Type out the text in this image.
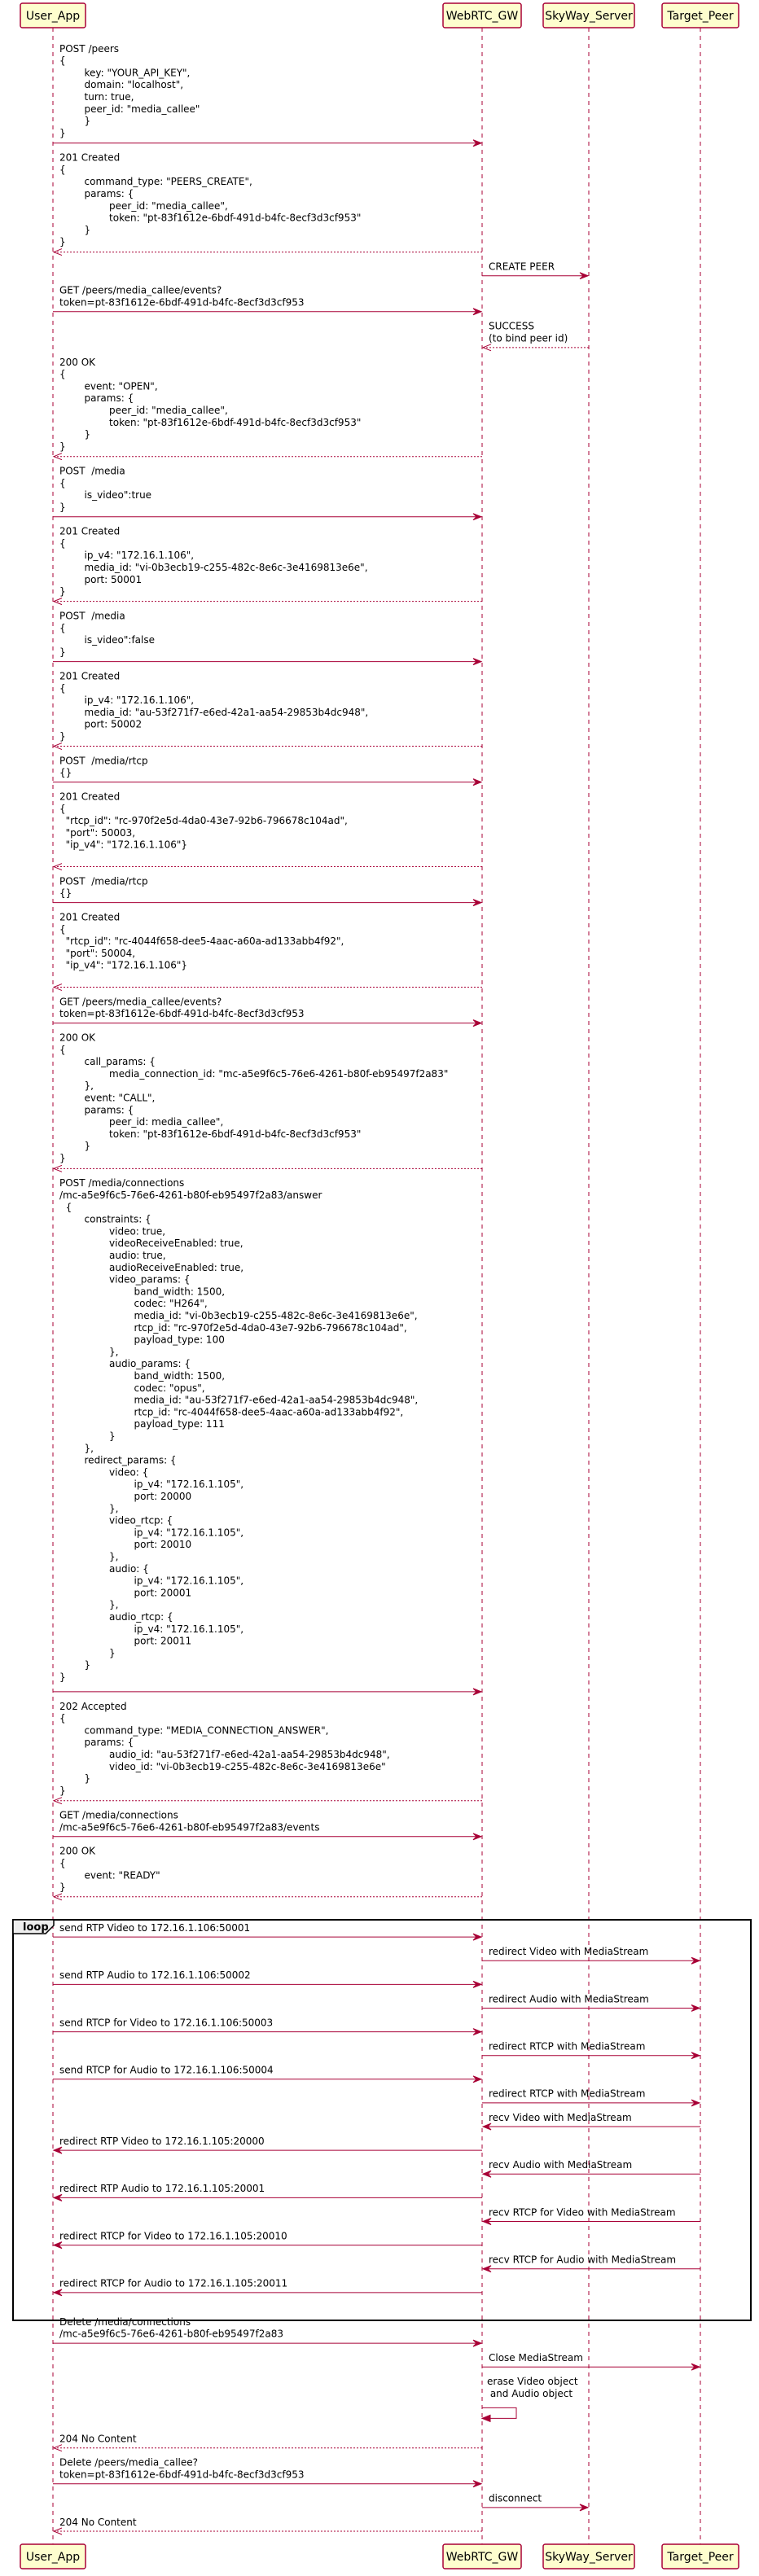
loop
POST /peers
{
key: "YOUR_API_KEY",
domain: "localhost",
turn: true,
peer_id: "media_callee"
}
}
201 Created
{
command_type: "PEERS_CREATE",
params: {
peer_id: "media_callee",
token: "pt-83f1612e-6bdf-491d-b4fc-8ecf3d3cf953"
}
}
CREATE PEER
GET /peers/media_callee/events?
token=pt-83f1612e-6bdf-491d-b4fc-8ecf3d3cf953
SUCCESS
(to bind peer id)
200 OK
{
event: "OPEN",
params: {
peer_id: "media_callee",
token: "pt-83f1612e-6bdf-491d-b4fc-8ecf3d3cf953"
}
}
POST  /media
{
is_video":true
}
201 Created
{
ip_v4: "172.16.1.106",
media_id: "vi-0b3ecb19-c255-482c-8e6c-3e4169813e6e",
port: 50001
}
POST  /media
{
is_video":false
}
201 Created
{
ip_v4: "172.16.1.106",
media_id: "au-53f271f7-e6ed-42a1-aa54-29853b4dc948",
port: 50002
}
POST  /media/rtcp
{}
201 Created
{
"rtcp_id": "rc-970f2e5d-4da0-43e7-92b6-796678c104ad",
"port": 50003,
"ip_v4": "172.16.1.106"}
POST  /media/rtcp
{}
201 Created
{
"rtcp_id": "rc-4044f658-dee5-4aac-a60a-ad133abb4f92",
"port": 50004,
"ip_v4": "172.16.1.106"}
GET /peers/media_callee/events?
token=pt-83f1612e-6bdf-491d-b4fc-8ecf3d3cf953
200 OK
{
call_params: {
media_connection_id: "mc-a5e9f6c5-76e6-4261-b80f-eb95497f2a83"
},
event: "CALL",
params: {
peer_id: media_callee",
token: "pt-83f1612e-6bdf-491d-b4fc-8ecf3d3cf953"
}
}
POST /media/connections
/mc-a5e9f6c5-76e6-4261-b80f-eb95497f2a83/answer
{
constraints: {
video: true,
videoReceiveEnabled: true,
audio: true,
audioReceiveEnabled: true,
video_params: {
band_width: 1500,
codec: "H264",
media_id: "vi-0b3ecb19-c255-482c-8e6c-3e4169813e6e",
rtcp_id: "rc-970f2e5d-4da0-43e7-92b6-796678c104ad",
payload_type: 100
},
audio_params: {
band_width: 1500,
codec: "opus",
media_id: "au-53f271f7-e6ed-42a1-aa54-29853b4dc948",
rtcp_id: "rc-4044f658-dee5-4aac-a60a-ad133abb4f92",
payload_type: 111
}
},
redirect_params: {
video: {
ip_v4: "172.16.1.105",
port: 20000
},
video_rtcp: {
ip_v4: "172.16.1.105",
port: 20010
},
audio: {
ip_v4: "172.16.1.105",
port: 20001
},
audio_rtcp: {
ip_v4: "172.16.1.105",
port: 20011
}
}
}
202 Accepted
{
command_type: "MEDIA_CONNECTION_ANSWER",
params: {
audio_id: "au-53f271f7-e6ed-42a1-aa54-29853b4dc948",
video_id: "vi-0b3ecb19-c255-482c-8e6c-3e4169813e6e"
}
}
GET /media/connections
/mc-a5e9f6c5-76e6-4261-b80f-eb95497f2a83/events
200 OK
{
event: "READY"
}
send RTP Video to 172.16.1.106:50001
redirect Video with MediaStream
send RTP Audio to 172.16.1.106:50002
redirect Audio with MediaStream
send RTCP for Video to 172.16.1.106:50003
redirect RTCP with MediaStream
send RTCP for Audio to 172.16.1.106:50004
redirect RTCP with MediaStream
recv Video with MediaStream
redirect RTP Video to 172.16.1.105:20000
recv Audio with MediaStream
redirect RTP Audio to 172.16.1.105:20001
recv RTCP for Video with MediaStream
redirect RTCP for Video to 172.16.1.105:20010
recv RTCP for Audio with MediaStream
redirect RTCP for Audio to 172.16.1.105:20011
Delete /media/connections
/mc-a5e9f6c5-76e6-4261-b80f-eb95497f2a83
Close MediaStream
erase Video object
and Audio object
204 No Content
Delete /peers/media_callee?
token=pt-83f1612e-6bdf-491d-b4fc-8ecf3d3cf953
disconnect
204 No Content
User_App	WebRTC_GW SkyWay_Server	Target_Peer
User_App	WebRTC_GW SkyWay_Server	Target_Peer
